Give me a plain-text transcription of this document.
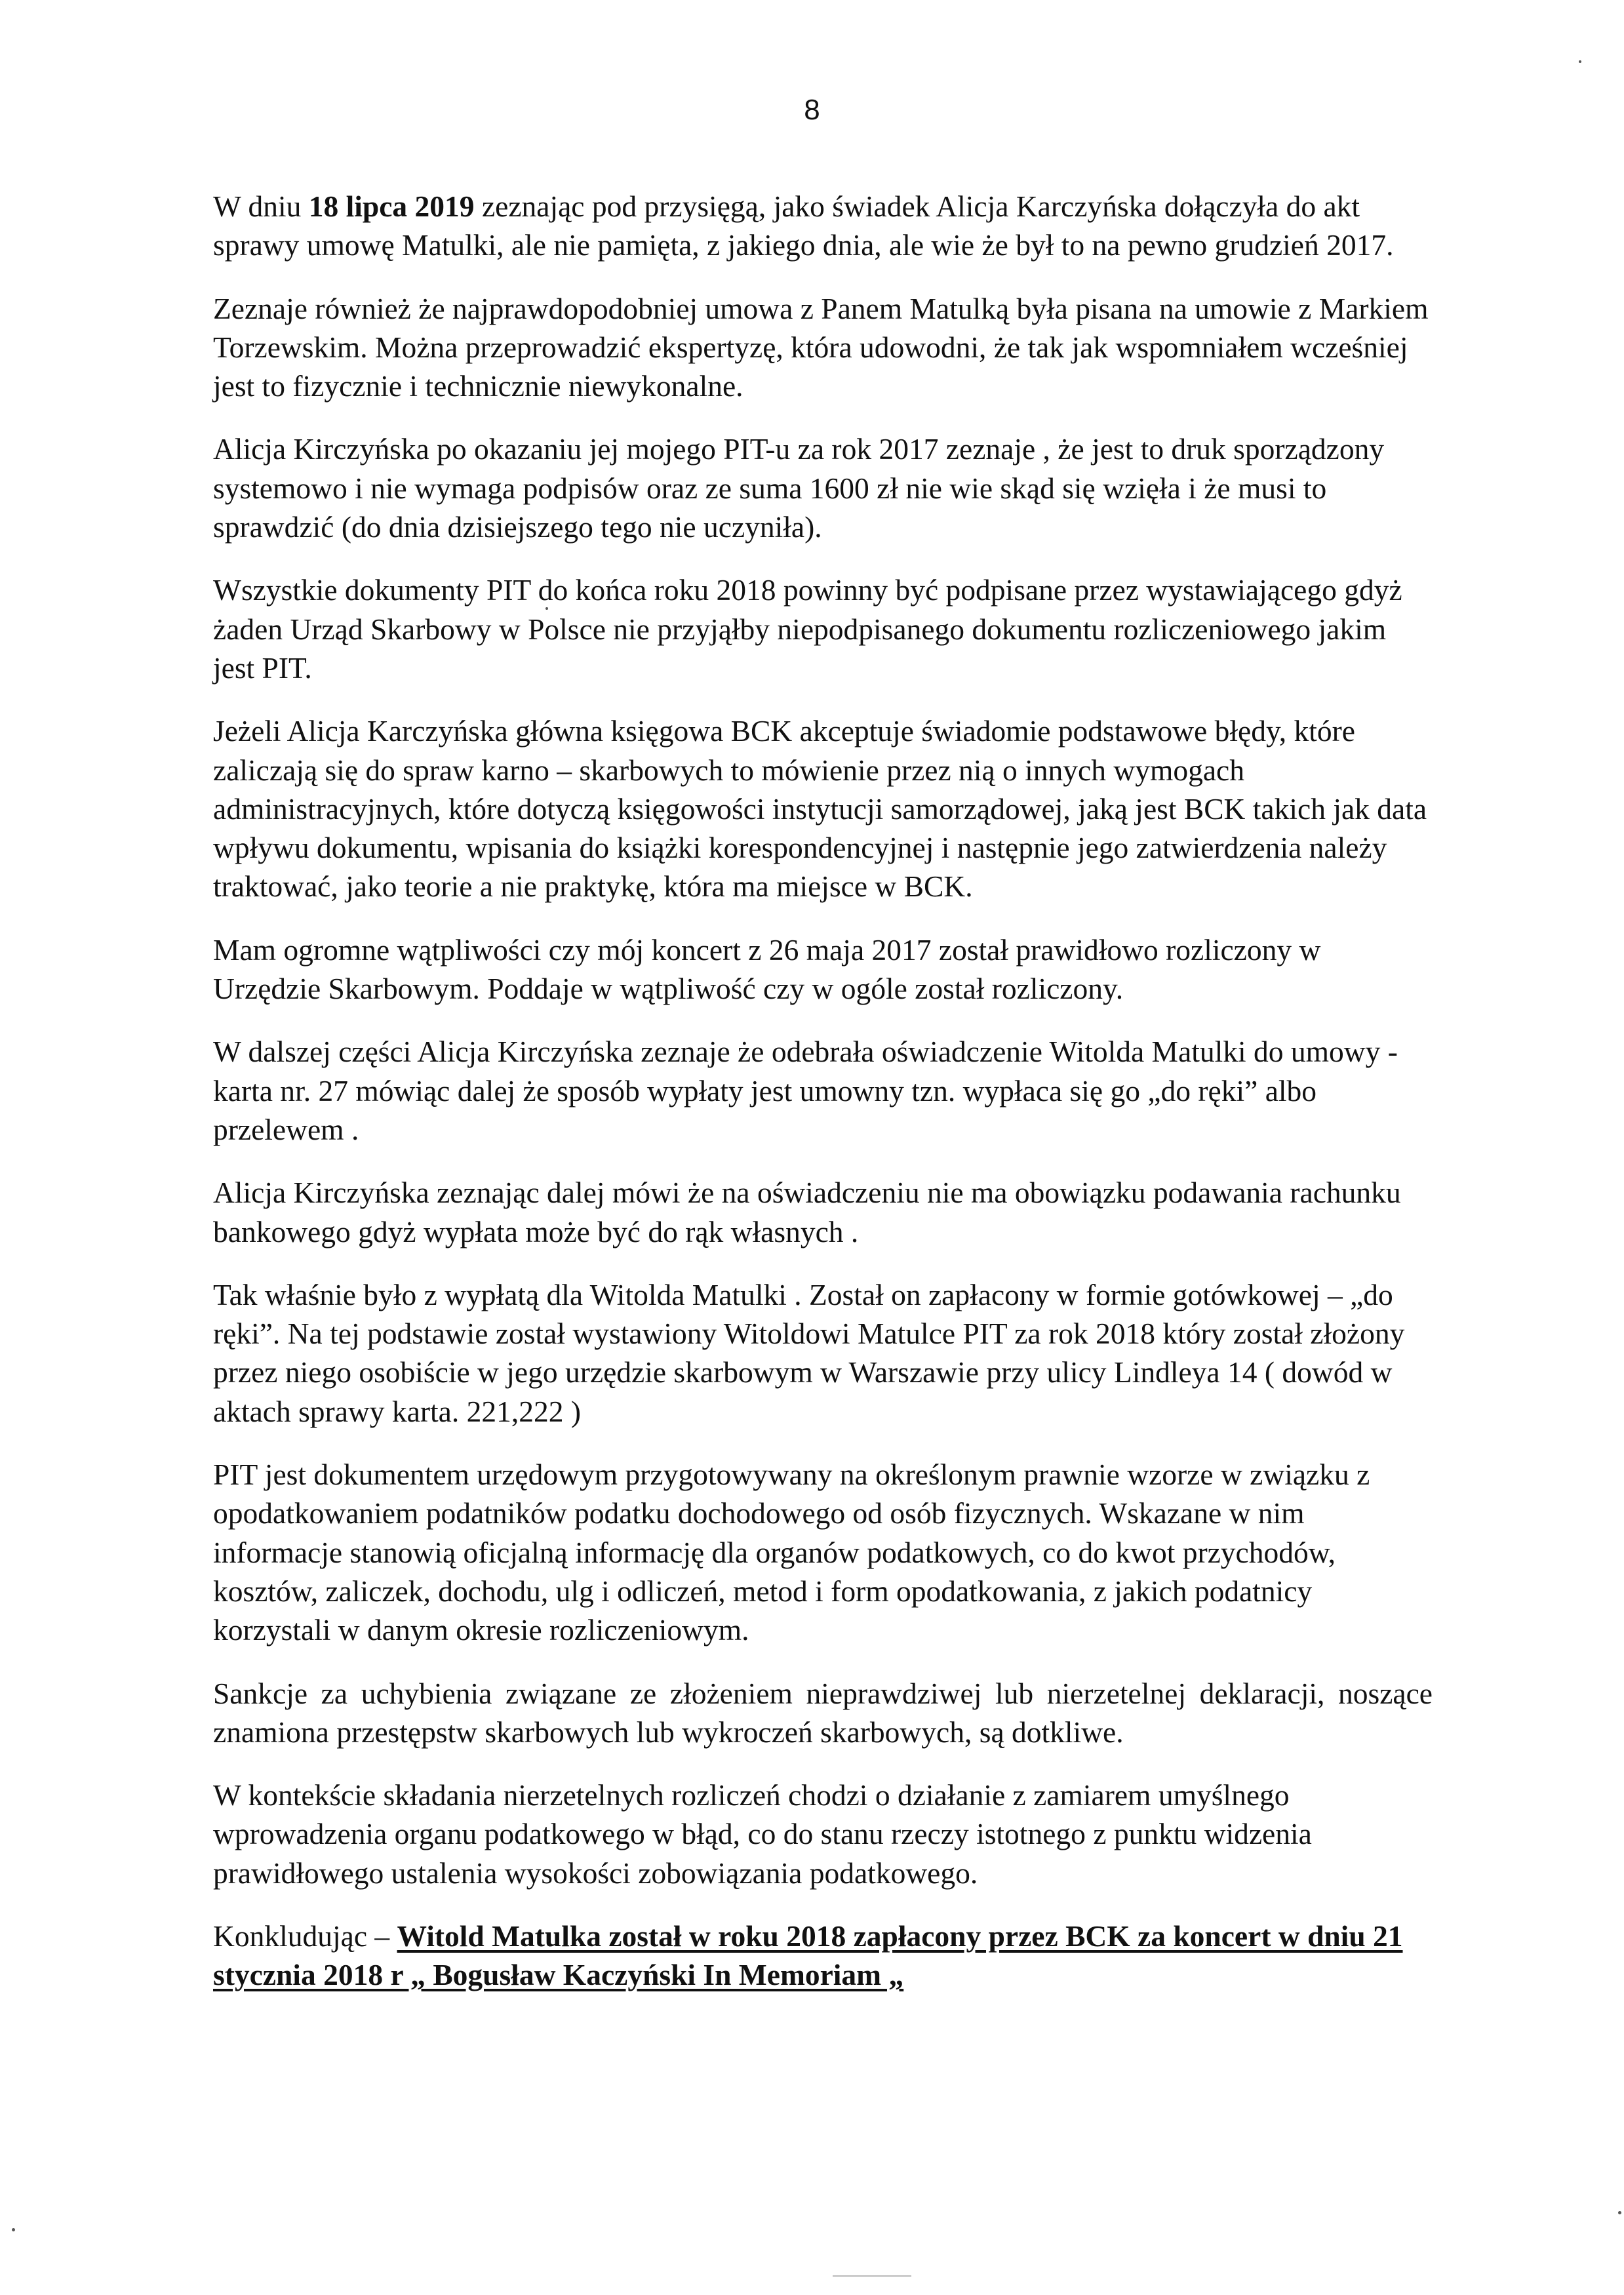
8

W dniu 18 lipca 2019 zeznając pod przysięgą, jako świadek Alicja Karczyńska dołączyła do akt sprawy umowę Matulki, ale nie pamięta, z jakiego dnia, ale wie że był to na pewno grudzień 2017.

Zeznaje również że najprawdopodobniej umowa z Panem Matulką była pisana na umowie z Markiem Torzewskim. Można przeprowadzić ekspertyzę, która udowodni, że tak jak wspomniałem wcześniej jest to fizycznie i technicznie niewykonalne.

Alicja Kirczyńska po okazaniu jej mojego PIT-u za rok 2017 zeznaje , że jest to druk sporządzony systemowo i nie wymaga podpisów oraz ze suma 1600 zł nie wie skąd się wzięła i że musi to sprawdzić (do dnia dzisiejszego tego nie uczyniła).

Wszystkie dokumenty PIT do końca roku 2018 powinny być podpisane przez wystawiającego gdyż żaden Urząd Skarbowy w Polsce nie przyjąłby niepodpisanego dokumentu rozliczeniowego jakim jest PIT.

Jeżeli Alicja Karczyńska główna księgowa BCK akceptuje świadomie podstawowe błędy, które zaliczają się do spraw karno – skarbowych to mówienie przez nią o innych wymogach administracyjnych, które dotyczą księgowości instytucji samorządowej, jaką jest BCK takich jak data wpływu dokumentu, wpisania do książki korespondencyjnej i następnie jego zatwierdzenia należy traktować, jako teorie a nie praktykę, która ma miejsce w BCK.

Mam ogromne wątpliwości czy mój koncert z 26 maja 2017 został prawidłowo rozliczony w Urzędzie Skarbowym. Poddaje w wątpliwość czy w ogóle został rozliczony.

W dalszej części Alicja Kirczyńska zeznaje że odebrała oświadczenie Witolda Matulki do umowy - karta nr. 27 mówiąc dalej że sposób wypłaty jest umowny tzn. wypłaca się go „do ręki” albo przelewem .

Alicja Kirczyńska zeznając dalej mówi że na oświadczeniu nie ma obowiązku podawania rachunku bankowego gdyż wypłata może być do rąk własnych .

Tak właśnie było z wypłatą dla Witolda Matulki . Został on zapłacony w formie gotówkowej – „do ręki”. Na tej podstawie został wystawiony Witoldowi Matulce PIT za rok 2018 który został złożony przez niego osobiście w jego urzędzie skarbowym w Warszawie przy ulicy Lindleya 14 ( dowód w aktach sprawy karta. 221,222 )

PIT jest dokumentem urzędowym przygotowywany na określonym prawnie wzorze w związku z opodatkowaniem podatników podatku dochodowego od osób fizycznych. Wskazane w nim informacje stanowią oficjalną informację dla organów podatkowych, co do kwot przychodów, kosztów, zaliczek, dochodu, ulg i odliczeń, metod i form opodatkowania, z jakich podatnicy korzystali w danym okresie rozliczeniowym.

Sankcje za uchybienia związane ze złożeniem nieprawdziwej lub nierzetelnej deklaracji, noszące znamiona przestępstw skarbowych lub wykroczeń skarbowych, są dotkliwe.

W kontekście składania nierzetelnych rozliczeń chodzi o działanie z zamiarem umyślnego wprowadzenia organu podatkowego w błąd, co do stanu rzeczy istotnego z punktu widzenia prawidłowego ustalenia wysokości zobowiązania podatkowego.

Konkludując – Witold Matulka został w roku 2018 zapłacony przez BCK za koncert w dniu 21 stycznia 2018 r „ Bogusław Kaczyński In Memoriam „
